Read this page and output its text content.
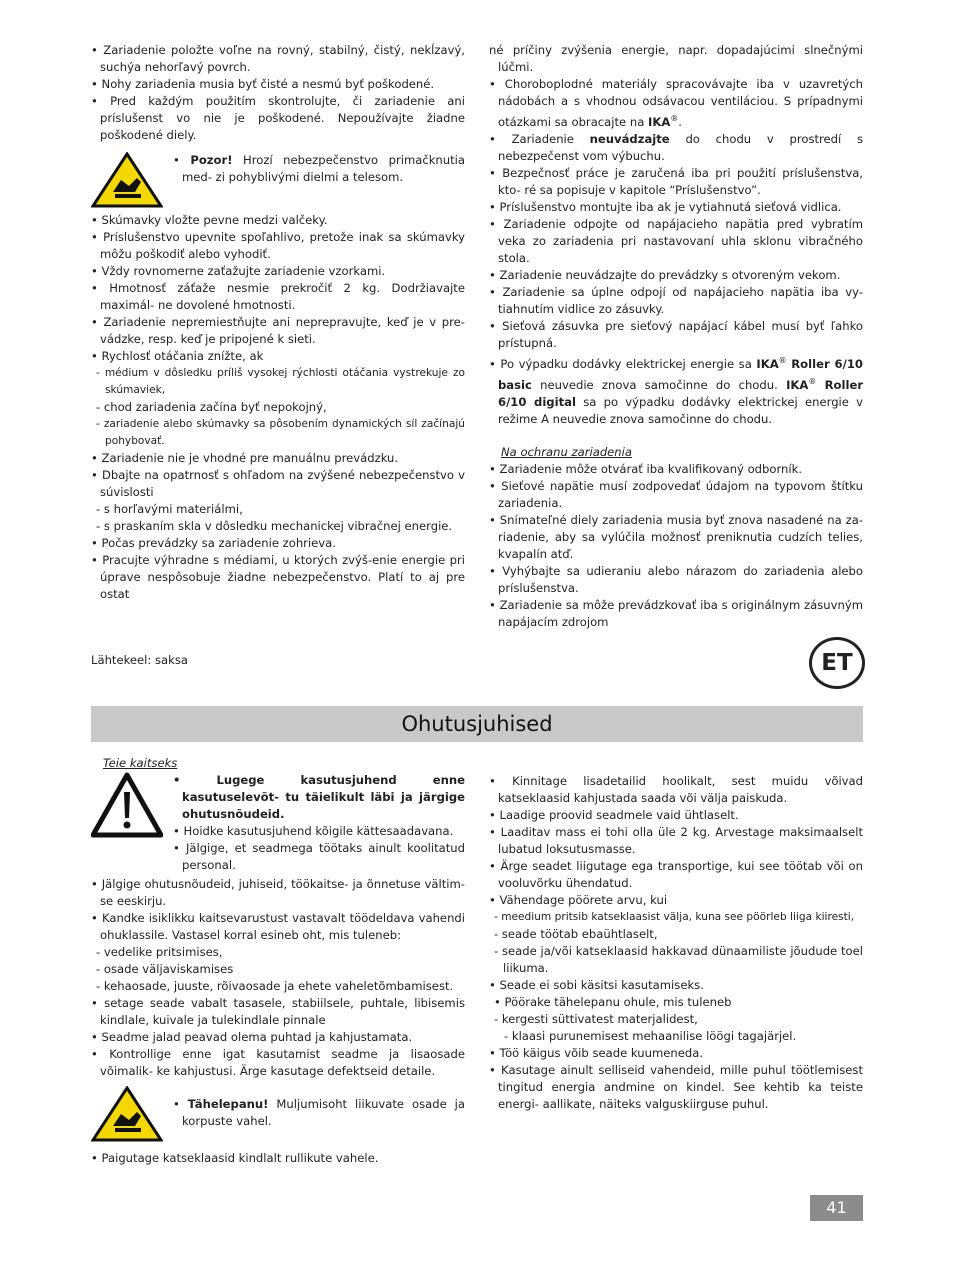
• Zariadenie položte voľne na rovný, stabilný, čistý, nekĺzavý, suchýa nehorľavý povrch.

• Nohy zariadenia musia byť čisté a nesmú byť poškodené.

• Pred každým použitím skontrolujte, či zariadenie ani príslušenst vo nie je poškodené. Nepoužívajte žiadne poškodené diely.

• Pozor! Hrozí nebezpečenstvo primačknutia med- zi pohyblivými dielmi a telesom.

• Skúmavky vložte pevne medzi valčeky.

• Príslušenstvo upevnite spoľahlivo, pretože inak sa skúmavky môžu poškodiť alebo vyhodiť.

• Vždy rovnomerne zaťažujte zariadenie vzorkami.

• Hmotnosť záťaže nesmie prekročiť 2 kg. Dodržiavajte maximál- ne dovolené hmotnosti.

• Zariadenie nepremiestňujte ani neprepravujte, keď je v pre- vádzke, resp. keď je pripojené k sieti.

• Rychlosť otáčania znížte, ak

- médium v dôsledku príliš vysokej rýchlosti otáčania vystrekuje zo skúmaviek,

- chod zariadenia začína byť nepokojný,

- zariadenie alebo skúmavky sa pôsobením dynamických síl začínajú pohybovať.

• Zariadenie nie je vhodné pre manuálnu prevádzku.

• Dbajte na opatrnosť s ohľadom na zvýšené nebezpečenstvo v súvislosti

- s horľavými materiálmi,

- s praskaním skla v dôsledku mechanickej vibračnej energie.

• Počas prevádzky sa zariadenie zohrieva.

• Pracujte výhradne s médiami, u ktorých zvýš-enie energie pri úprave nespôsobuje žiadne nebezpečenstvo. Platí to aj pre ostat

né príčiny zvýšenia energie, napr. dopadajúcimi slnečnými lúčmi.

• Choroboplodné materiály spracovávajte iba v uzavretých nádobách a s vhodnou odsávacou ventiláciou. S prípadnymi otázkami sa obracajte na IKA®.

• Zariadenie neuvádzajte do chodu v prostredí s nebezpečenst vom výbuchu.

• Bezpečnosť práce je zaručená iba pri použití príslušenstva, kto- ré sa popisuje v kapitole “Príslušenstvo”.

• Príslušenstvo montujte iba ak je vytiahnutá sieťová vidlica.

• Zariadenie odpojte od napájacieho napätia pred vybratím veka zo zariadenia pri nastavovaní uhla sklonu vibračného stola.

• Zariadenie neuvádzajte do prevádzky s otvoreným vekom.

• Zariadenie sa úplne odpojí od napájacieho napätia iba vy- tiahnutím vidlice zo zásuvky.

• Sieťová zásuvka pre sieťový napájací kábel musí byť ľahko prístupná.

• Po výpadku dodávky elektrickej energie sa IKA® Roller 6/10 basic neuvedie znova samočinne do chodu. IKA® Roller 6/10 digital sa po výpadku dodávky elektrickej energie v režime A neuvedie znova samočinne do chodu.

Na ochranu zariadenia

• Zariadenie môže otvárať iba kvalifikovaný odborník.

• Sieťové napätie musí zodpovedať údajom na typovom štítku zariadenia.

• Snímateľné diely zariadenia musia byť znova nasadené na za- riadenie, aby sa vylúčila možnosť preniknutia cudzích telies, kvapalín atď.

• Vyhýbajte sa udieraniu alebo nárazom do zariadenia alebo príslušenstva.

• Zariadenie sa môže prevádzkovať iba s originálnym zásuvným napájacím zdrojom

Lähtekeel: saksa	ET
Ohutusjuhised

Teie kaitseks

• Lugege kasutusjuhend enne kasutuselevõt- tu täielikult läbi ja järgige ohutusnõudeid.

• Hoidke kasutusjuhend kõigile kättesaadavana.

• Jälgige, et seadmega töötaks ainult koolitatud personal.

• Jälgige ohutusnõudeid, juhiseid, töökaitse- ja õnnetuse vältim- se eeskirju.

• Kandke isiklikku kaitsevarustust vastavalt töödeldava vahendi ohuklassile. Vastasel korral esineb oht, mis tuleneb:

- vedelike pritsimises,

- osade väljaviskamises

- kehaosade, juuste, rõivaosade ja ehete vaheletõmbamisest.

• setage seade vabalt tasasele, stabiilsele, puhtale, libisemis kindlale, kuivale ja tulekindlale pinnale

• Seadme jalad peavad olema puhtad ja kahjustamata.

• Kontrollige enne igat kasutamist seadme ja lisaosade võimalik- ke kahjustusi. Ärge kasutage defektseid detaile.

• Tähelepanu! Muljumisoht liikuvate osade ja korpuste vahel.

• Paigutage katseklaasid kindlalt rullikute vahele.

• Kinnitage lisadetailid hoolikalt, sest muidu võivad katseklaasid kahjustada saada või välja paiskuda.

• Laadige proovid seadmele vaid ühtlaselt.

• Laaditav mass ei tohi olla üle 2 kg. Arvestage maksimaalselt lubatud loksutusmasse.

• Ärge seadet liigutage ega transportige, kui see töötab või on vooluvõrku ühendatud.

• Vähendage pöörete arvu, kui

- meedium pritsib katseklaasist välja, kuna see pöörleb liiga kiiresti,

- seade töötab ebaühtlaselt,

- seade ja/või katseklaasid hakkavad dünaamiliste jõudude toel liikuma.

• Seade ei sobi käsitsi kasutamiseks.

• Pöörake tähelepanu ohule, mis tuleneb

- kergesti süttivatest materjalidest,

- klaasi purunemisest mehaanilise löögi tagajärjel.

• Töö käigus võib seade kuumeneda.

• Kasutage ainult selliseid vahendeid, mille puhul töötlemisest tingitud energia andmine on kindel. See kehtib ka teiste energi- aallikate, näiteks valguskiirguse puhul.

41
